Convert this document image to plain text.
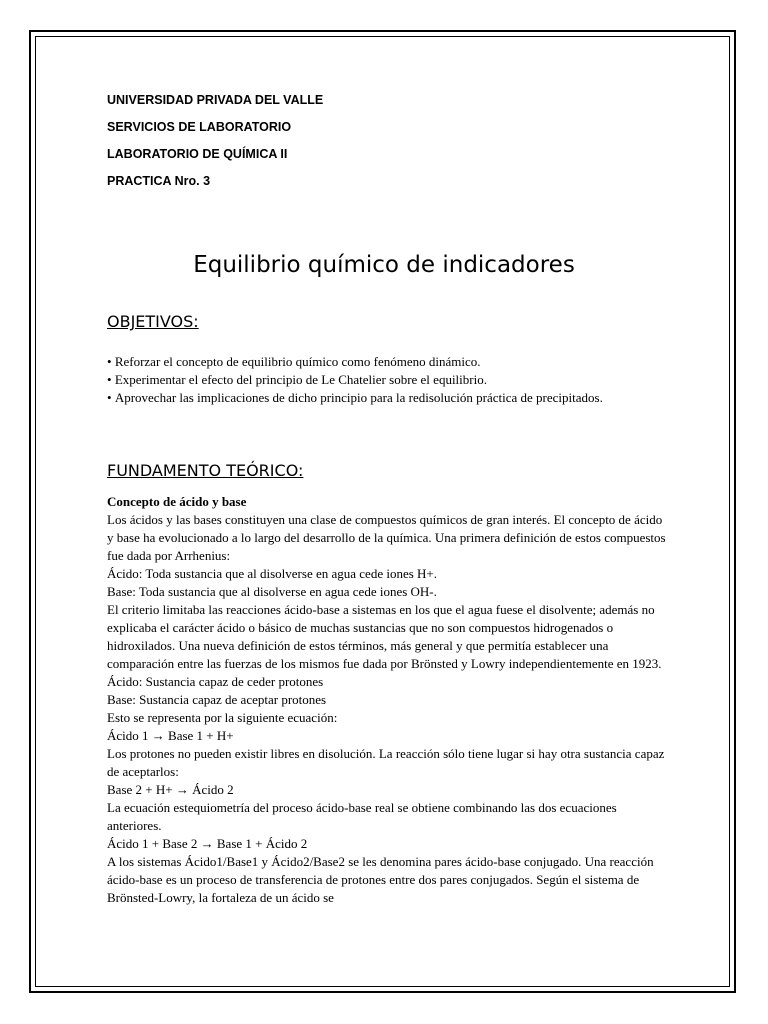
UNIVERSIDAD PRIVADA DEL VALLE
SERVICIOS DE LABORATORIO
LABORATORIO DE QUÍMICA II
PRACTICA Nro. 3
Equilibrio químico de indicadores
OBJETIVOS:
• Reforzar el concepto de equilibrio químico como fenómeno dinámico.
• Experimentar el efecto del principio de Le Chatelier sobre el equilibrio.
• Aprovechar las implicaciones de dicho principio para la redisolución práctica de precipitados.
FUNDAMENTO TEÓRICO:

Concepto de ácido y base

Los ácidos y las bases constituyen una clase de compuestos químicos de gran interés. El concepto de ácido y base ha evolucionado a lo largo del desarrollo de la química. Una primera definición de estos compuestos fue dada por Arrhenius:

Ácido: Toda sustancia que al disolverse en agua cede iones H+.

Base: Toda sustancia que al disolverse en agua cede iones OH-.

El criterio limitaba las reacciones ácido-base a sistemas en los que el agua fuese el disolvente; además no explicaba el carácter ácido o básico de muchas sustancias que no son compuestos hidrogenados o hidroxilados. Una nueva definición de estos términos, más general y que permitía establecer una comparación entre las fuerzas de los mismos fue dada por Brönsted y Lowry independientemente en 1923.

Ácido: Sustancia capaz de ceder protones

Base: Sustancia capaz de aceptar protones

Esto se representa por la siguiente ecuación:

Ácido 1 → Base 1 + H+

Los protones no pueden existir libres en disolución. La reacción sólo tiene lugar si hay otra sustancia capaz de aceptarlos:

Base 2 + H+ → Ácido 2

La ecuación estequiometría del proceso ácido-base real se obtiene combinando las dos ecuaciones anteriores.

Ácido 1 + Base 2 → Base 1 + Ácido 2

A los sistemas Ácido1/Base1 y Ácido2/Base2 se les denomina pares ácido-base conjugado. Una reacción ácido-base es un proceso de transferencia de protones entre dos pares conjugados. Según el sistema de Brönsted-Lowry, la fortaleza de un ácido se
